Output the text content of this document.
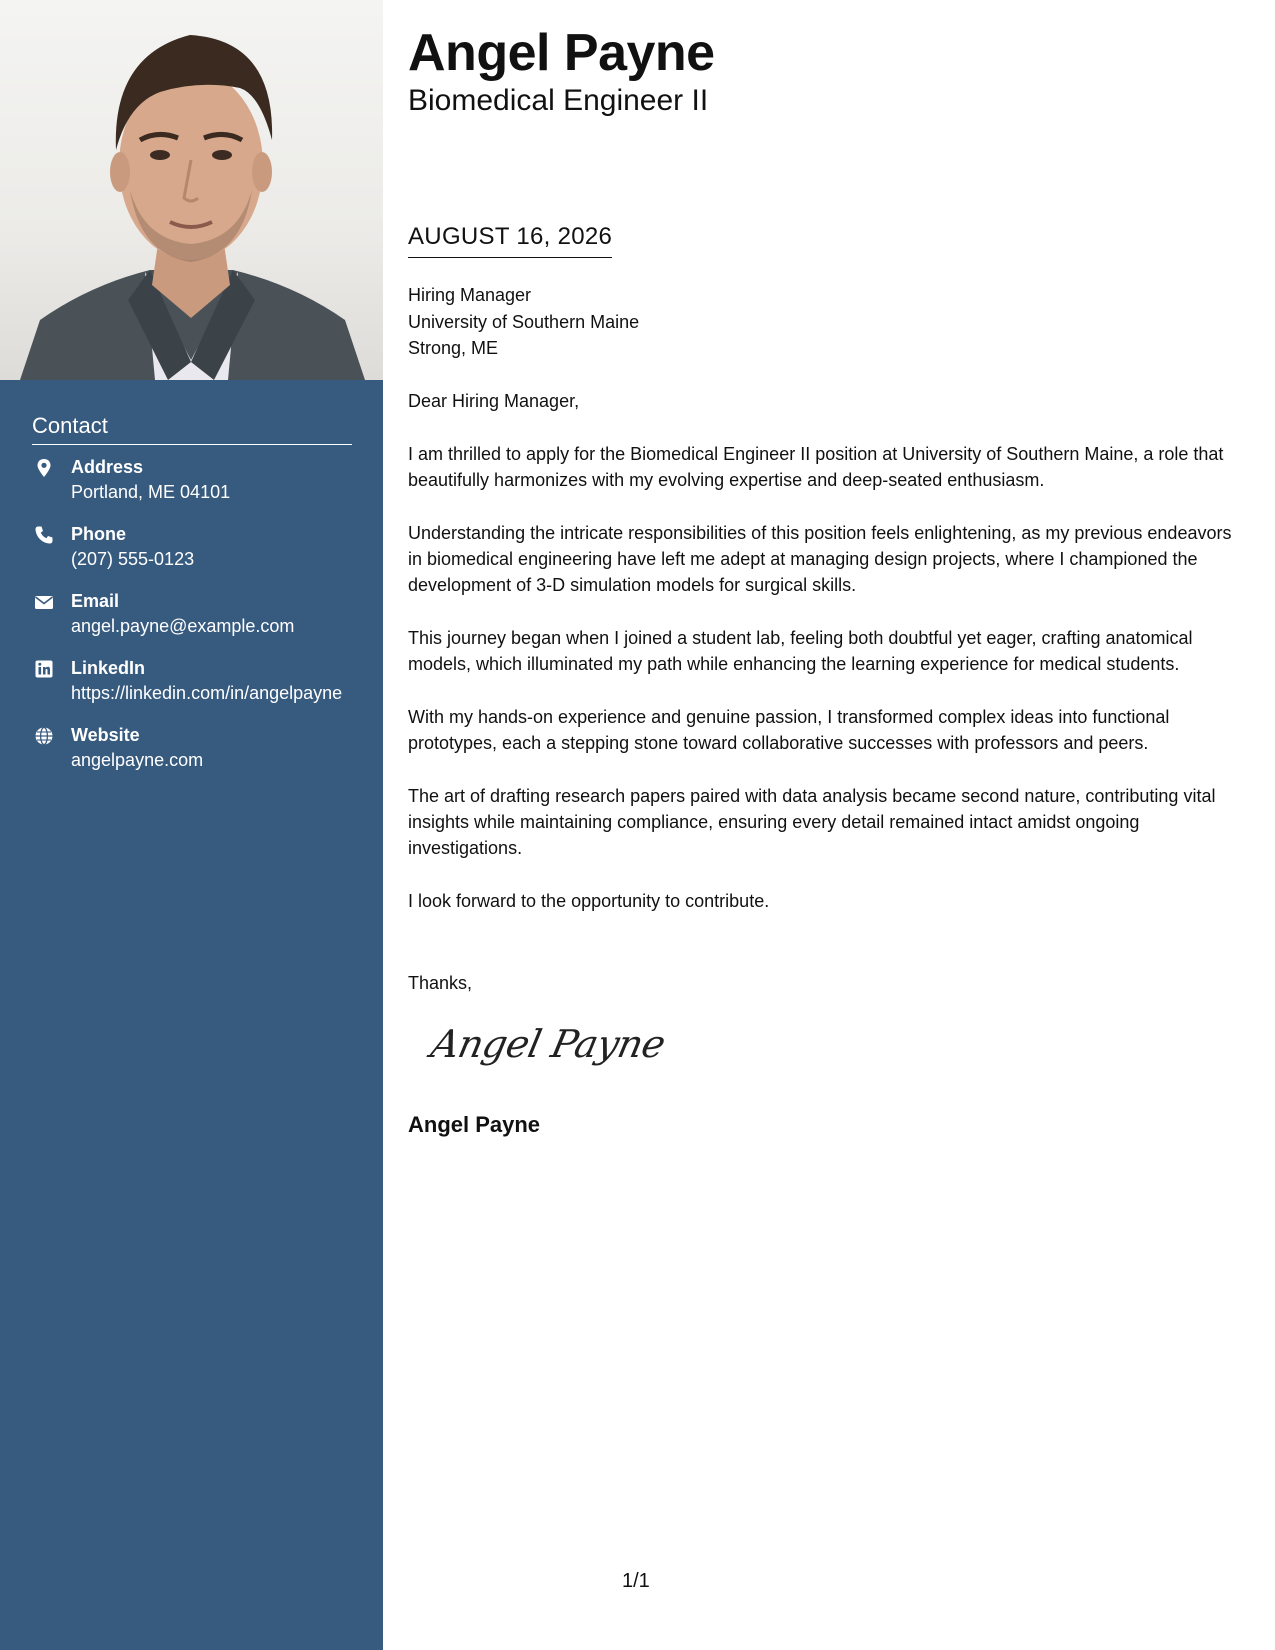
Contact
Address
Portland, ME 04101
Phone
(207) 555-0123
Email
angel.payne@example.com
LinkedIn
https://linkedin.com/in/angelpayne
Website
angelpayne.com
Angel Payne
Biomedical Engineer II
AUGUST 16, 2026
Hiring Manager
University of Southern Maine
Strong, ME

Dear Hiring Manager,

I am thrilled to apply for the Biomedical Engineer II position at University of Southern Maine, a role that beautifully harmonizes with my evolving expertise and deep-seated enthusiasm.

Understanding the intricate responsibilities of this position feels enlightening, as my previous endeavors in biomedical engineering have left me adept at managing design projects, where I championed the development of 3-D simulation models for surgical skills.

This journey began when I joined a student lab, feeling both doubtful yet eager, crafting anatomical models, which illuminated my path while enhancing the learning experience for medical students.

With my hands-on experience and genuine passion, I transformed complex ideas into functional prototypes, each a stepping stone toward collaborative successes with professors and peers.

The art of drafting research papers paired with data analysis became second nature, contributing vital insights while maintaining compliance, ensuring every detail remained intact amidst ongoing investigations.

I look forward to the opportunity to contribute.

Thanks,
Angel Payne
Angel Payne
1/1
